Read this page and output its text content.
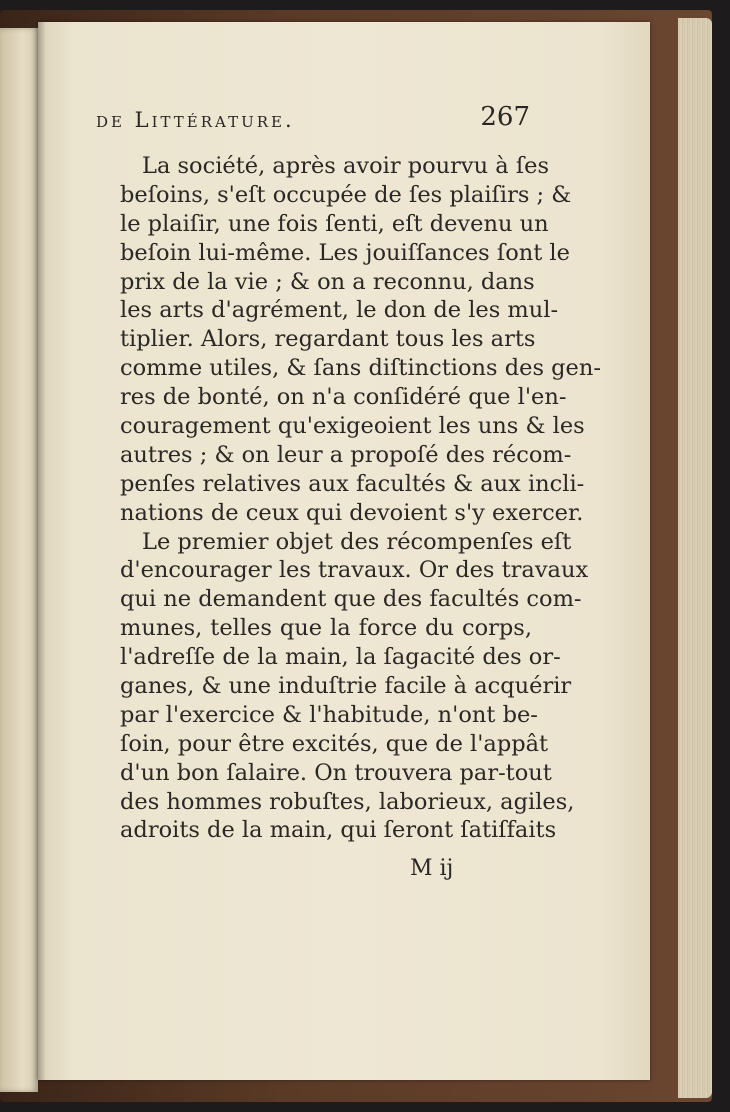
de Littérature.	267
La société, après avoir pourvu à ſes
beſoins, s'eſt occupée de ſes plaiſirs ; &
le plaiſir, une fois ſenti, eſt devenu un
beſoin lui-même. Les jouiſſances ſont le
prix de la vie ; & on a reconnu, dans
les arts d'agrément, le don de les mul-
tiplier. Alors, regardant tous les arts
comme utiles, & ſans diſtinctions des gen-
res de bonté, on n'a conſidéré que l'en-
couragement qu'exigeoient les uns & les
autres ; & on leur a propoſé des récom-
penſes relatives aux facultés & aux incli-
nations de ceux qui devoient s'y exercer.
Le premier objet des récompenſes eſt
d'encourager les travaux. Or des travaux
qui ne demandent que des facultés com-
munes, telles que la force du corps,
l'adreſſe de la main, la ſagacité des or-
ganes, & une induſtrie facile à acquérir
par l'exercice & l'habitude, n'ont be-
ſoin, pour être excités, que de l'appât
d'un bon ſalaire. On trouvera par-tout
des hommes robuſtes, laborieux, agiles,
adroits de la main, qui ſeront ſatiſfaits
M ij
